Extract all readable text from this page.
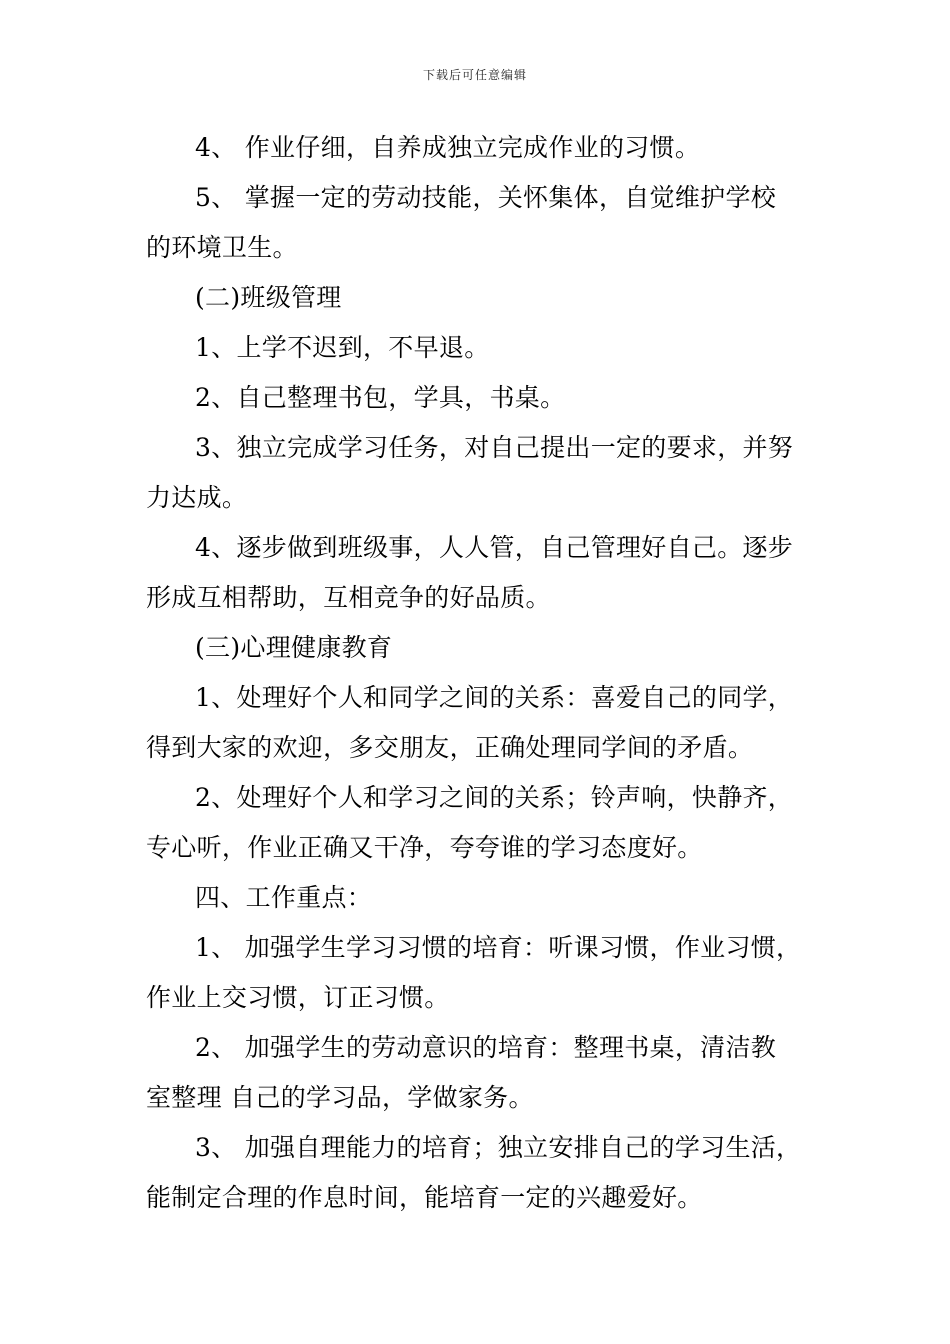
下载后可任意编辑
4、 作业仔细，自养成独立完成作业的习惯。
5、 掌握一定的劳动技能，关怀集体，自觉维护学校
的环境卫生。
(二)班级管理
1、上学不迟到，不早退。
2、自己整理书包，学具，书桌。
3、独立完成学习任务，对自己提出一定的要求，并努
力达成。
4、逐步做到班级事，人人管，自己管理好自己。逐步
形成互相帮助，互相竞争的好品质。
(三)心理健康教育
1、处理好个人和同学之间的关系：喜爱自己的同学，
得到大家的欢迎，多交朋友，正确处理同学间的矛盾。
2、处理好个人和学习之间的关系；铃声响，快静齐，
专心听，作业正确又干净，夸夸谁的学习态度好。
四、工作重点：
1、 加强学生学习习惯的培育：听课习惯，作业习惯，
作业上交习惯，订正习惯。
2、 加强学生的劳动意识的培育：整理书桌，清洁教
室整理 自己的学习品，学做家务。
3、 加强自理能力的培育；独立安排自己的学习生活，
能制定合理的作息时间，能培育一定的兴趣爱好。
